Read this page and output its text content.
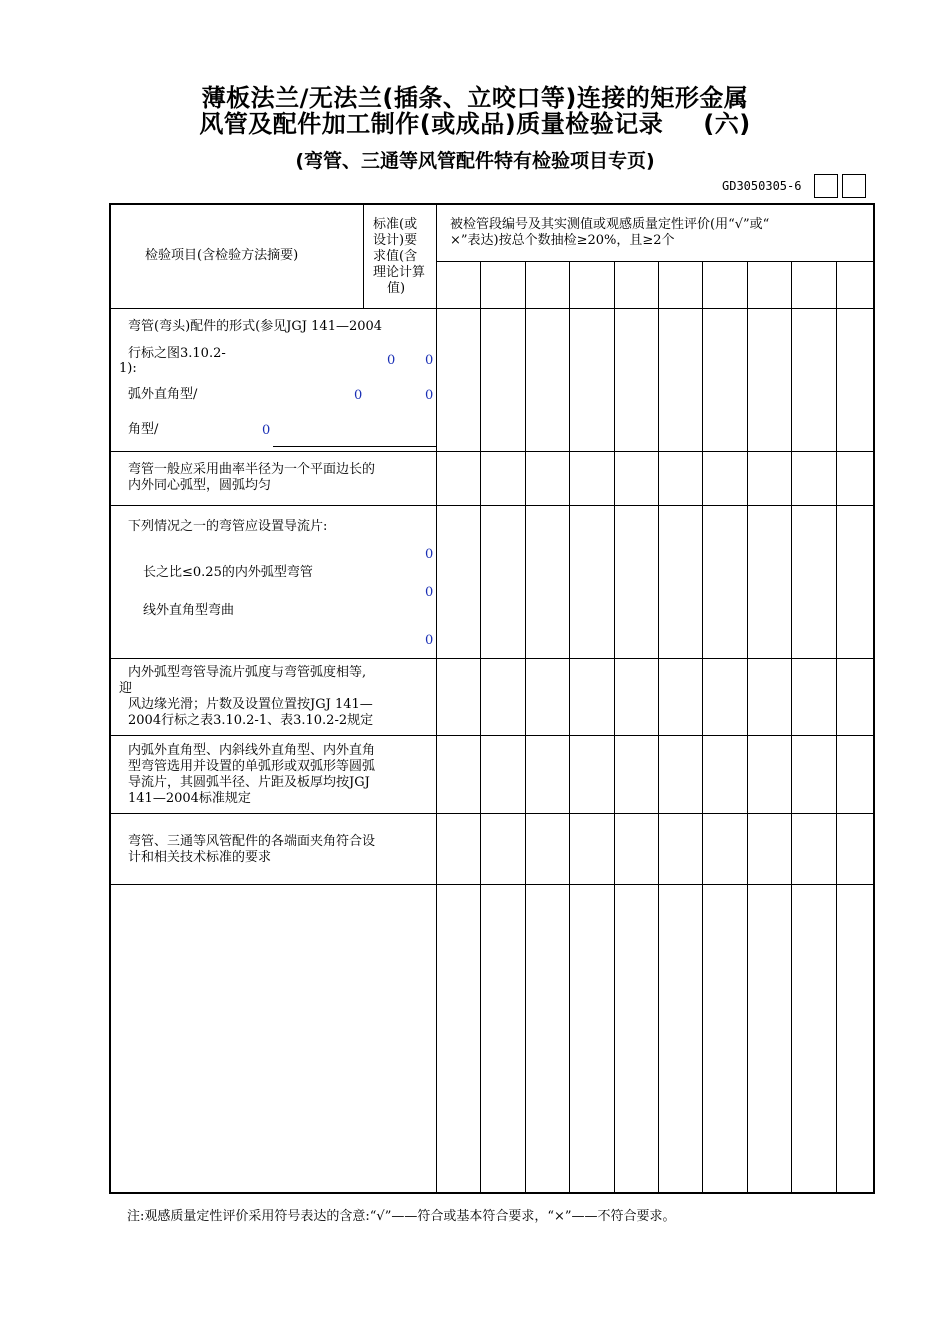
薄板法兰/无法兰(插条、立咬口等)连接的矩形金属
风管及配件加工制作(或成品)质量检验记录 (六)
(弯管、三通等风管配件特有检验项目专页)
GD3050305-6
检验项目(含检验方法摘要)
标准(或
设计)要
求值(含
理论计算
值)
被检管段编号及其实测值或观感质量定性评价(用“√”或“
×”表达)按总个数抽检≥20%，且≥2个
弯管(弯头)配件的形式(参见JGJ 141—2004
行标之图3.10.2-
1):
弧外直角型/
角型/
0 0
0	0
0
弯管一般应采用曲率半径为一个平面边长的
内外同心弧型，圆弧均匀
下列情况之一的弯管应设置导流片:
长之比≤0.25的内外弧型弯管
线外直角型弯曲
0
0
0
内外弧型弯管导流片弧度与弯管弧度相等,
迎
风边缘光滑；片数及设置位置按JGJ 141—
2004行标之表3.10.2-1、表3.10.2-2规定
内弧外直角型、内斜线外直角型、内外直角
型弯管选用并设置的单弧形或双弧形等圆弧
导流片，其圆弧半径、片距及板厚均按JGJ
141—2004标准规定
弯管、三通等风管配件的各端面夹角符合设
计和相关技术标准的要求
注:观感质量定性评价采用符号表达的含意:“√”——符合或基本符合要求，“×”——不符合要求。
